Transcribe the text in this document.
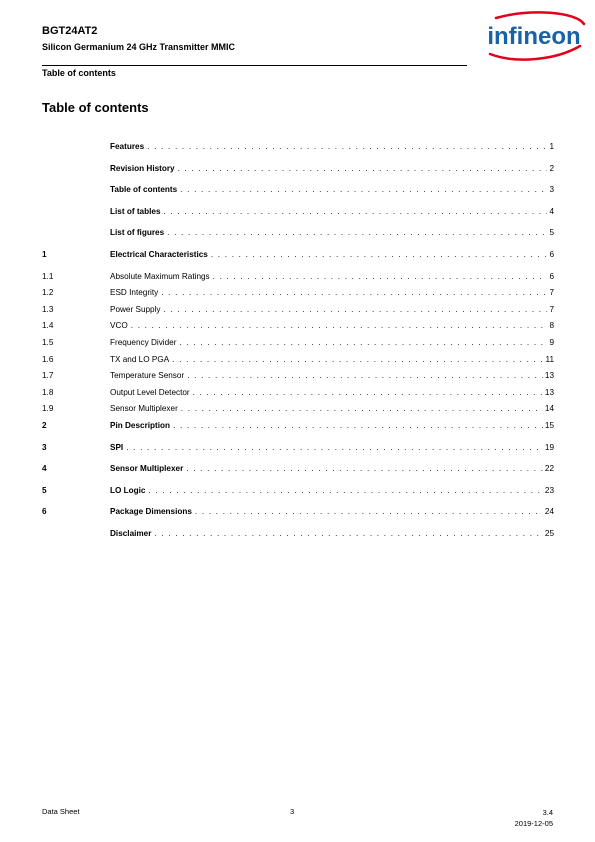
BGT24AT2
Silicon Germanium 24 GHz Transmitter MMIC
Table of contents
infineon
Table of contents
Features . . .	1
Revision History . . .	2
Table of contents . . .	3
List of tables . . .	4
List of figures . . .	5
1	Electrical Characteristics . . .	6
1.1	Absolute Maximum Ratings . . .	6
1.2	ESD Integrity . . .	7
1.3	Power Supply . . .	7
1.4	VCO . . .	8
1.5	Frequency Divider . . .	9
1.6	TX and LO PGA . . .	11
1.7	Temperature Sensor . . .	13
1.8	Output Level Detector . . .	13
1.9	Sensor Multiplexer . . .	14
2	Pin Description . . .	15
3	SPI . . .	19
4	Sensor Multiplexer . . .	22
5	LO Logic . . .	23
6	Package Dimensions . . .	24
Disclaimer . . .	25
Data Sheet	3	3.4
2019-12-05
